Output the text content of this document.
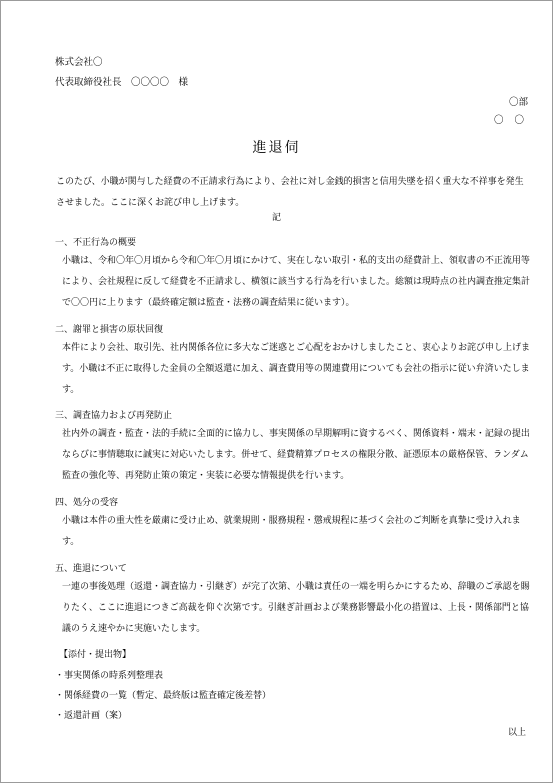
株式会社〇
代表取締役社長　〇〇〇〇　様
〇部
〇 〇
進退伺
このたび、小職が関与した経費の不正請求行為により、会社に対し金銭的損害と信用失墜を招く重大な不祥事を発生させました。ここに深くお詫び申し上げます。
記
一、不正行為の概要
小職は、令和〇年〇月頃から令和〇年〇月頃にかけて、実在しない取引・私的支出の経費計上、領収書の不正流用等により、会社規程に反して経費を不正請求し、横領に該当する行為を行いました。総額は現時点の社内調査推定集計で〇〇円に上ります（最終確定額は監査・法務の調査結果に従います）。
二、謝罪と損害の原状回復
本件により会社、取引先、社内関係各位に多大なご迷惑とご心配をおかけしましたこと、衷心よりお詫び申し上げます。小職は不正に取得した金員の全額返還に加え、調査費用等の関連費用についても会社の指示に従い弁済いたします。
三、調査協力および再発防止
社内外の調査・監査・法的手続に全面的に協力し、事実関係の早期解明に資するべく、関係資料・端末・記録の提出ならびに事情聴取に誠実に対応いたします。併せて、経費精算プロセスの権限分散、証憑原本の厳格保管、ランダム監査の強化等、再発防止策の策定・実装に必要な情報提供を行います。
四、処分の受容
小職は本件の重大性を厳粛に受け止め、就業規則・服務規程・懲戒規程に基づく会社のご判断を真摯に受け入れます。
五、進退について
一連の事後処理（返還・調査協力・引継ぎ）が完了次第、小職は責任の一端を明らかにするため、辞職のご承認を賜りたく、ここに進退につきご高裁を仰ぐ次第です。引継ぎ計画および業務影響最小化の措置は、上長・関係部門と協議のうえ速やかに実施いたします。
【添付・提出物】
・事実関係の時系列整理表
・関係経費の一覧（暫定、最終版は監査確定後差替）
・返還計画（案）
以上
